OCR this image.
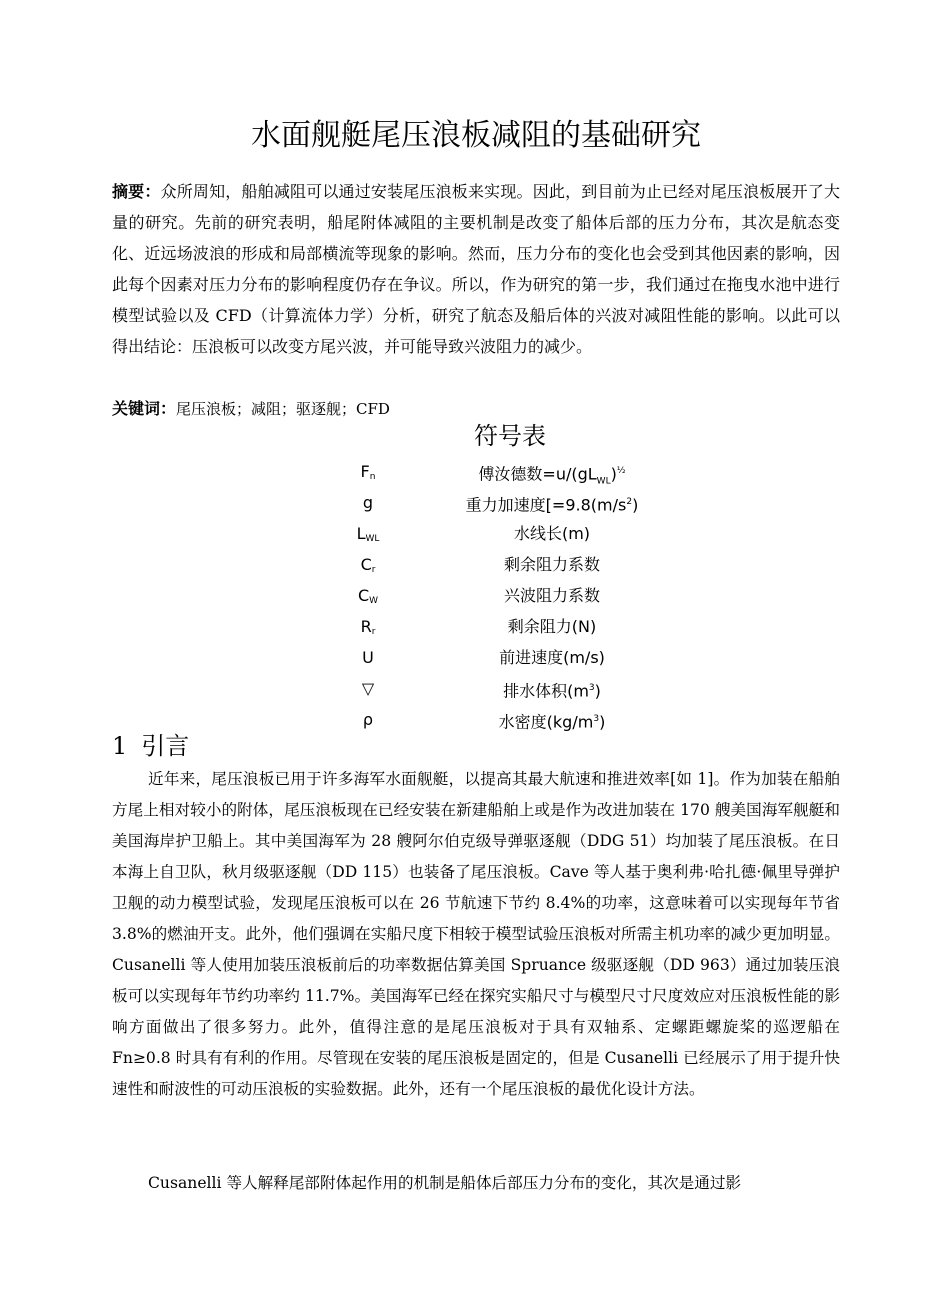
水面舰艇尾压浪板减阻的基础研究

摘要：众所周知，船舶减阻可以通过安装尾压浪板来实现。因此，到目前为止已经对尾压浪板展开了大量的研究。先前的研究表明，船尾附体减阻的主要机制是改变了船体后部的压力分布，其次是航态变化、近远场波浪的形成和局部横流等现象的影响。然而，压力分布的变化也会受到其他因素的影响，因此每个因素对压力分布的影响程度仍存在争议。所以，作为研究的第一步，我们通过在拖曳水池中进行模型试验以及 CFD（计算流体力学）分析，研究了航态及船后体的兴波对减阻性能的影响。以此可以得出结论：压浪板可以改变方尾兴波，并可能导致兴波阻力的减少。

关键词：尾压浪板；减阻；驱逐舰；CFD

符号表
Fn	傅汝德数$=u/(gL_{WL})^{\frac{1}{2}}$
g	重力加速度[$=9.8(m/s^2)$
LWL	水线长(m)
Cr	剩余阻力系数
CW	兴波阻力系数
Rr	剩余阻力(N)
U	前进速度(m/s)
▽	排水体积$(m^3)$
ρ	水密度$(kg/m^3)$
1 引言

近年来，尾压浪板已用于许多海军水面舰艇，以提高其最大航速和推进效率[如 1]。作为加装在船舶方尾上相对较小的附体，尾压浪板现在已经安装在新建船舶上或是作为改进加装在 170 艘美国海军舰艇和美国海岸护卫船上。其中美国海军为 28 艘阿尔伯克级导弹驱逐舰（DDG 51）均加装了尾压浪板。在日本海上自卫队，秋月级驱逐舰（DD 115）也装备了尾压浪板。Cave 等人基于奥利弗·哈扎德·佩里导弹护卫舰的动力模型试验，发现尾压浪板可以在 26 节航速下节约 8.4%的功率，这意味着可以实现每年节省 3.8%的燃油开支。此外，他们强调在实船尺度下相较于模型试验压浪板对所需主机功率的减少更加明显。Cusanelli 等人使用加装压浪板前后的功率数据估算美国 Spruance 级驱逐舰（DD 963）通过加装压浪板可以实现每年节约功率约 11.7%。美国海军已经在探究实船尺寸与模型尺寸尺度效应对压浪板性能的影响方面做出了很多努力。此外，值得注意的是尾压浪板对于具有双轴系、定螺距螺旋桨的巡逻船在 Fn≥0.8 时具有有利的作用。尽管现在安装的尾压浪板是固定的，但是 Cusanelli 已经展示了用于提升快速性和耐波性的可动压浪板的实验数据。此外，还有一个尾压浪板的最优化设计方法。

Cusanelli 等人解释尾部附体起作用的机制是船体后部压力分布的变化，其次是通过影
